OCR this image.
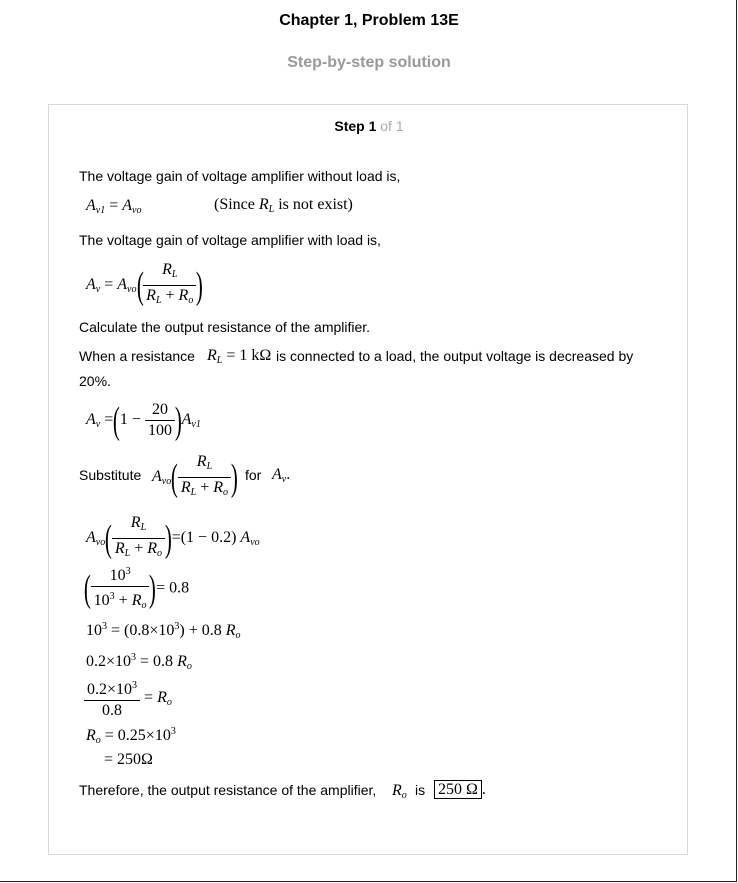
Chapter 1, Problem 13E
Step-by-step solution
Step 1 of 1
The voltage gain of voltage amplifier without load is,
$A_{v1} = A_{vo}$	(Since $R_L$ is not exist)
The voltage gain of voltage amplifier with load is,
$A_v = A_{vo}( \frac{R_L}{R_L + R_o}$ )
Calculate the output resistance of the amplifier.
When a resistance $R_L = 1$ kΩ is connected to a load, the output voltage is decreased by
20%.
$A_v =(1 - \frac{20}{100} )A_{v1}$
Substitute $A_{vo}( \frac{R_L}{R_L + R_o}$ ) for $A_v$.
$A_{vo}( \frac{R_L}{R_L + R_o} )=(1 - 0.2)$ $A_{vo}$
( $\frac{10^3}{10^3 + R_o}$ )= 0.8
$10^3 = (0.8\times 10^3) + 0.8$ $R_o$
$0.2\times 10^3 = 0.8$ $R_o$
$\frac{0.2\times 10^3}{0.8} = R_o$
$R_o = 0.25\times 10^3$
= 250Ω
Therefore, the output resistance of the amplifier, $R_o$ is 250 Ω .
